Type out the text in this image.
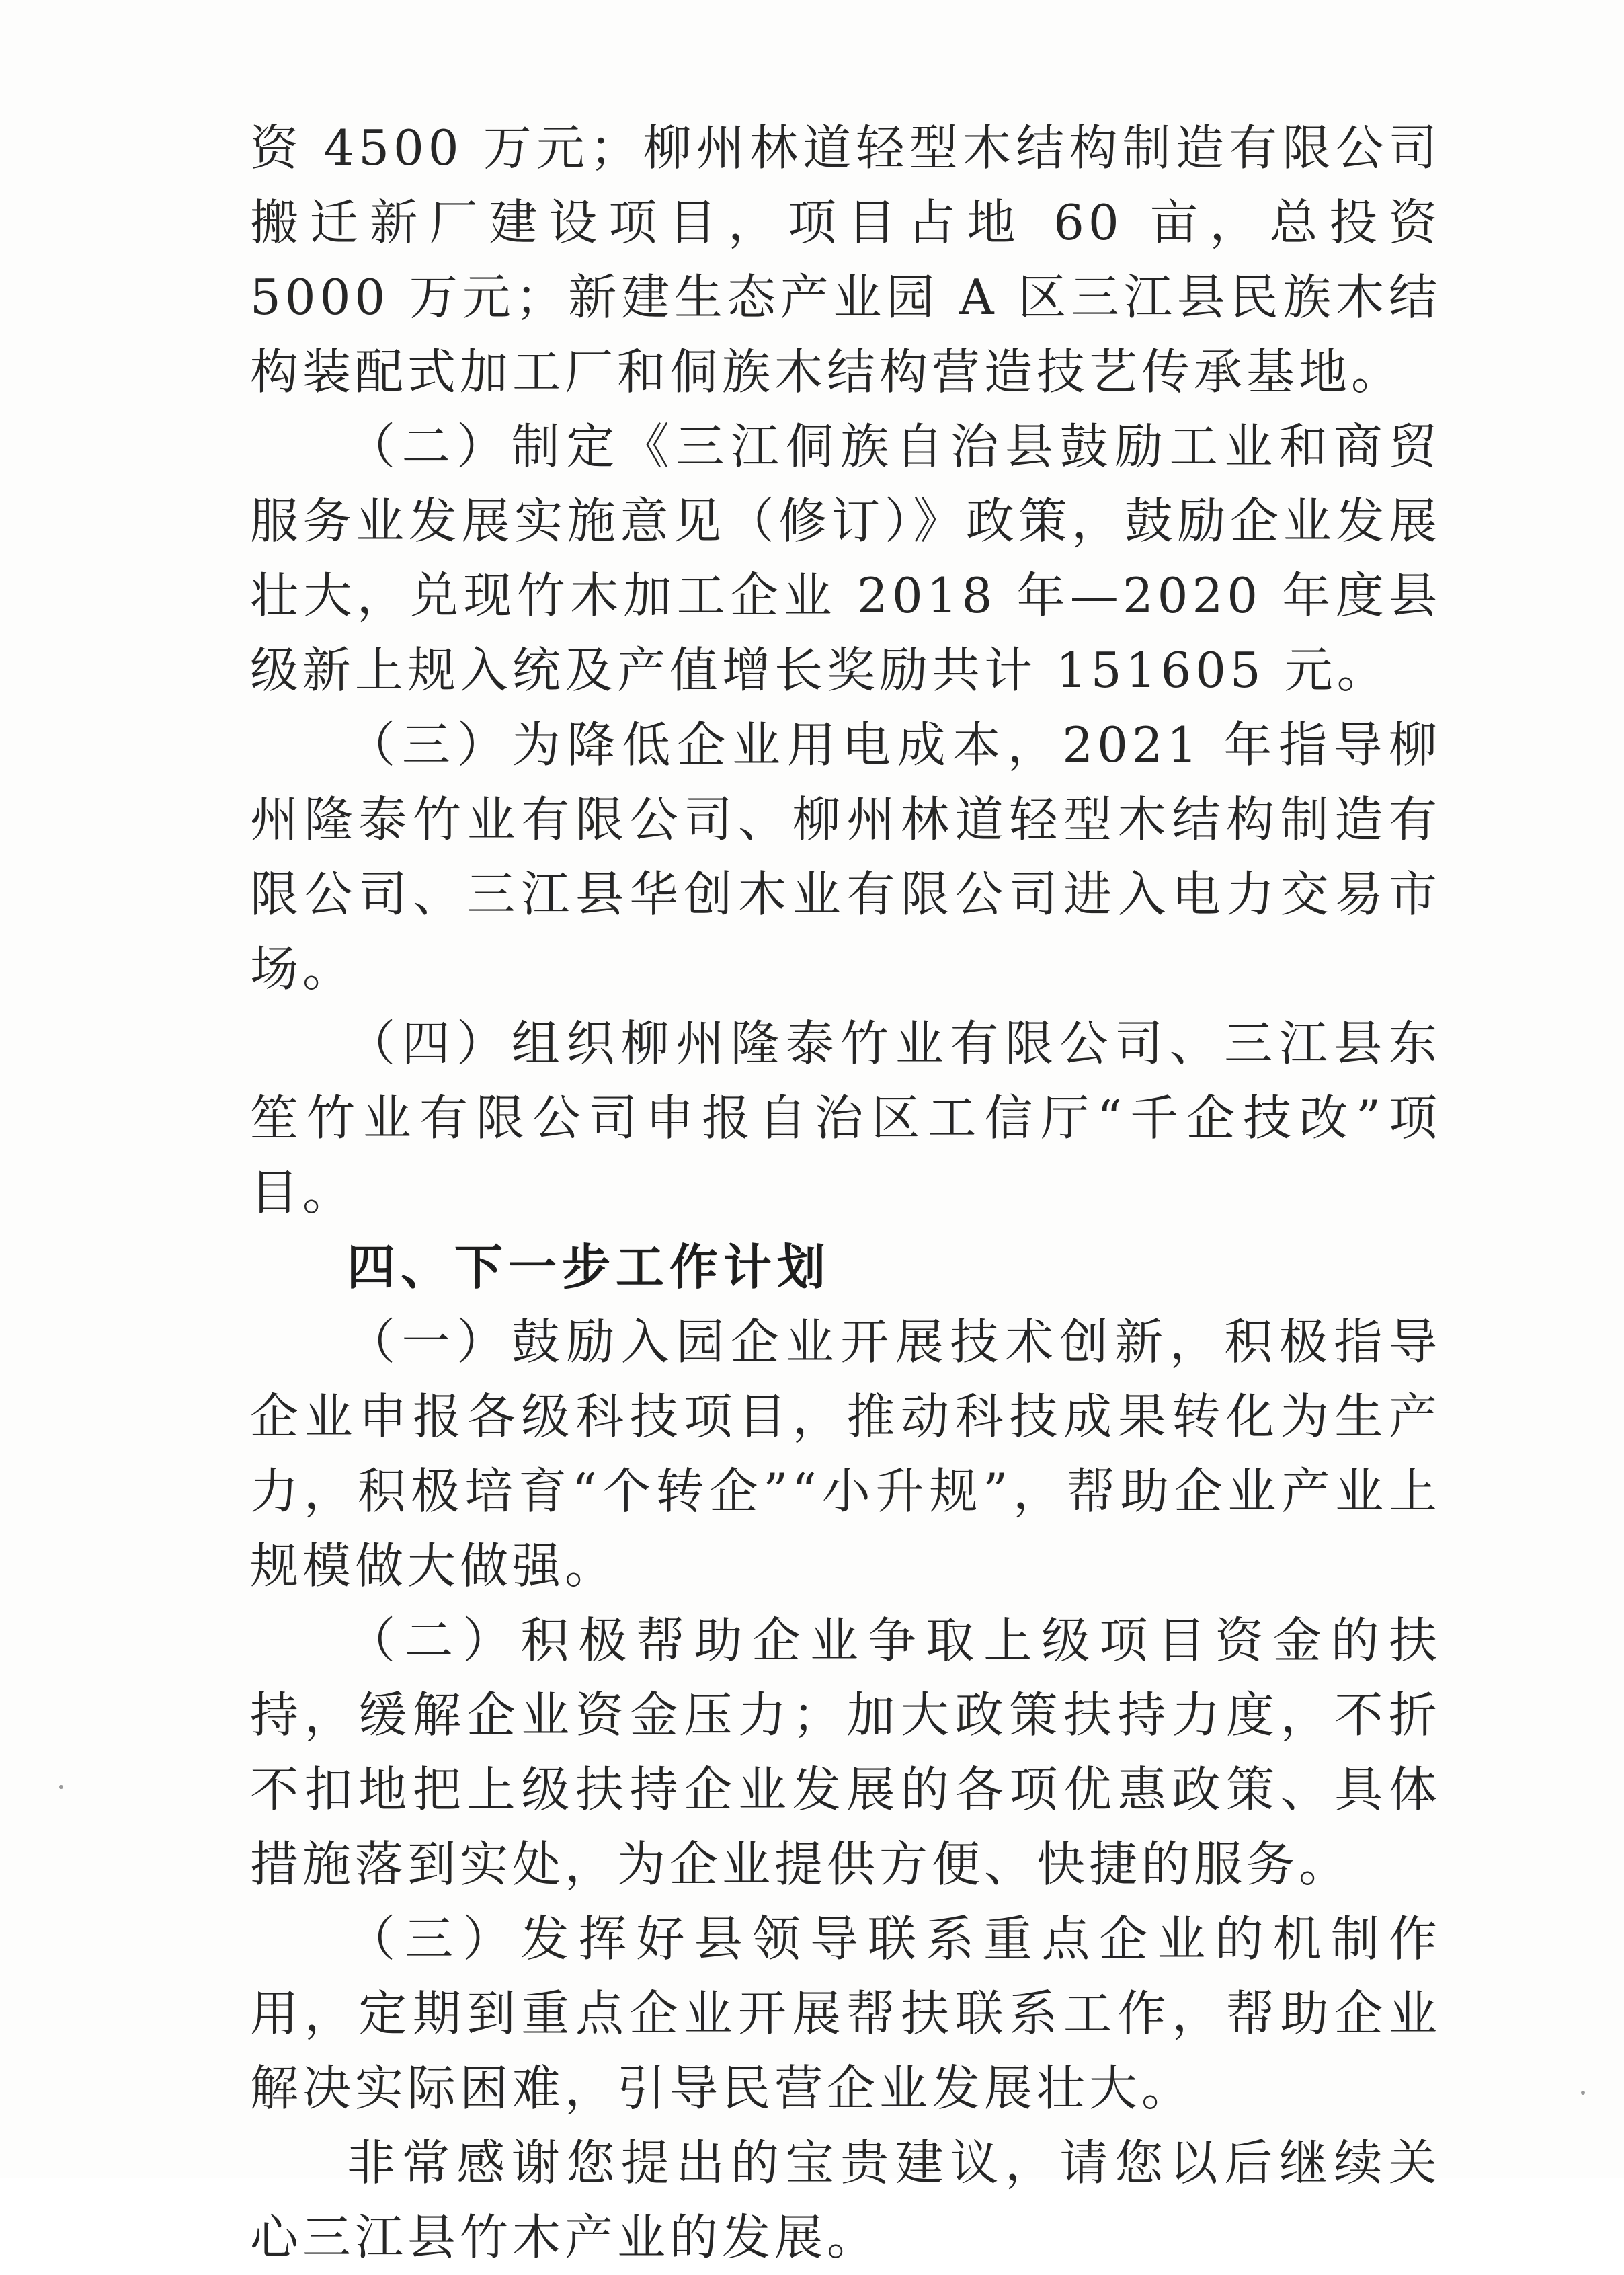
资 4500 万元；柳州林道轻型木结构制造有限公司搬迁新厂建设项目，项目占地 60 亩，总投资 5000 万元；新建生态产业园 A 区三江县民族木结构装配式加工厂和侗族木结构营造技艺传承基地。

（二）制定《三江侗族自治县鼓励工业和商贸服务业发展实施意见（修订）》政策，鼓励企业发展壮大，兑现竹木加工企业 2018 年—2020 年度县级新上规入统及产值增长奖励共计 151605 元。

（三）为降低企业用电成本，2021 年指导柳州隆泰竹业有限公司、柳州林道轻型木结构制造有限公司、三江县华创木业有限公司进入电力交易市场。

（四）组织柳州隆泰竹业有限公司、三江县东笙竹业有限公司申报自治区工信厅“千企技改”项目。

四、下一步工作计划

（一）鼓励入园企业开展技术创新，积极指导企业申报各级科技项目，推动科技成果转化为生产力，积极培育“个转企”“小升规”，帮助企业产业上规模做大做强。

（二）积极帮助企业争取上级项目资金的扶持，缓解企业资金压力；加大政策扶持力度，不折不扣地把上级扶持企业发展的各项优惠政策、具体措施落到实处，为企业提供方便、快捷的服务。

（三）发挥好县领导联系重点企业的机制作用，定期到重点企业开展帮扶联系工作，帮助企业解决实际困难，引导民营企业发展壮大。

非常感谢您提出的宝贵建议，请您以后继续关心三江县竹木产业的发展。
